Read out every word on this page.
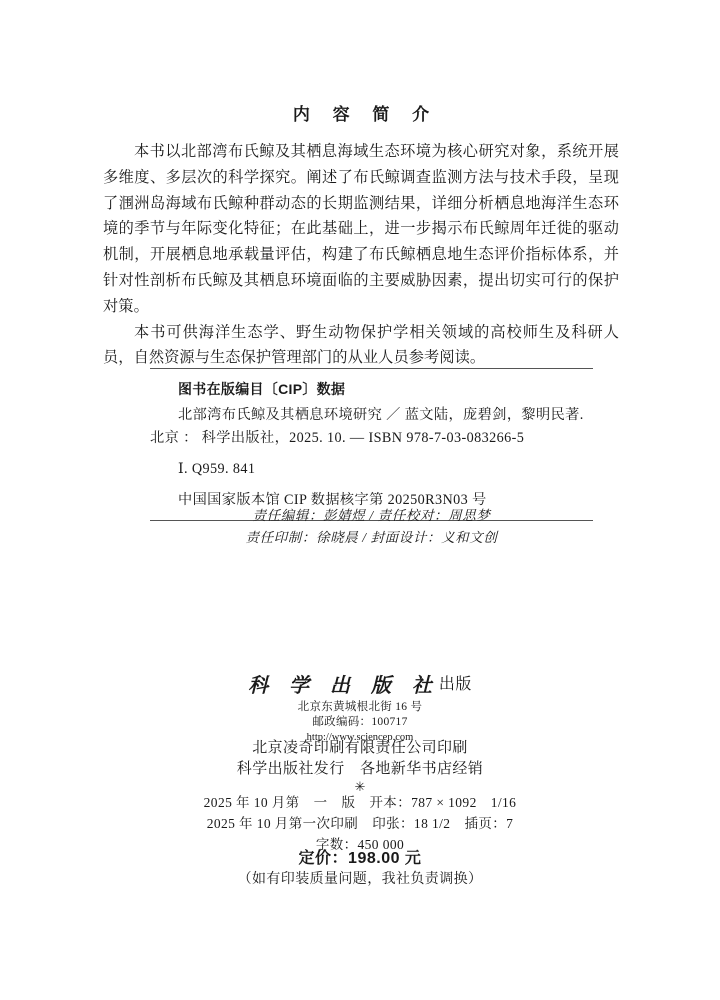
内 容 简 介

本书以北部湾布氏鲸及其栖息海域生态环境为核心研究对象，系统开展多维度、多层次的科学探究。阐述了布氏鲸调查监测方法与技术手段，呈现了涠洲岛海域布氏鲸种群动态的长期监测结果，详细分析栖息地海洋生态环境的季节与年际变化特征；在此基础上，进一步揭示布氏鲸周年迁徙的驱动机制，开展栖息地承载量评估，构建了布氏鲸栖息地生态评价指标体系，并针对性剖析布氏鲸及其栖息环境面临的主要威胁因素，提出切实可行的保护对策。

本书可供海洋生态学、野生动物保护学相关领域的高校师生及科研人员，自然资源与生态保护管理部门的从业人员参考阅读。

图书在版编目〔CIP〕数据

北部湾布氏鲸及其栖息环境研究 ／ 蓝文陆，庞碧剑，黎明民著.

北京 ： 科学出版社，2025. 10. — ISBN 978-7-03-083266-5

Ⅰ. Q959. 841

中国国家版本馆 CIP 数据核字第 20250R3N03 号

责任编辑：彭婧煜 / 责任校对：周思梦

责任印制：徐晓晨 / 封面设计：义和文创

科 学 出 版 社出版

北京东黄城根北街 16 号

邮政编码：100717

http://www.sciencep.com

北京凌奇印刷有限责任公司印刷
科学出版社发行　各地新华书店经销
✳

2025 年 10 月第 一 版 开本：787 × 1092 1/16

2025 年 10 月第一次印刷 印张：18 1/2 插页：7

字数：450 000

定价：198.00 元
（如有印装质量问题，我社负责调换）
